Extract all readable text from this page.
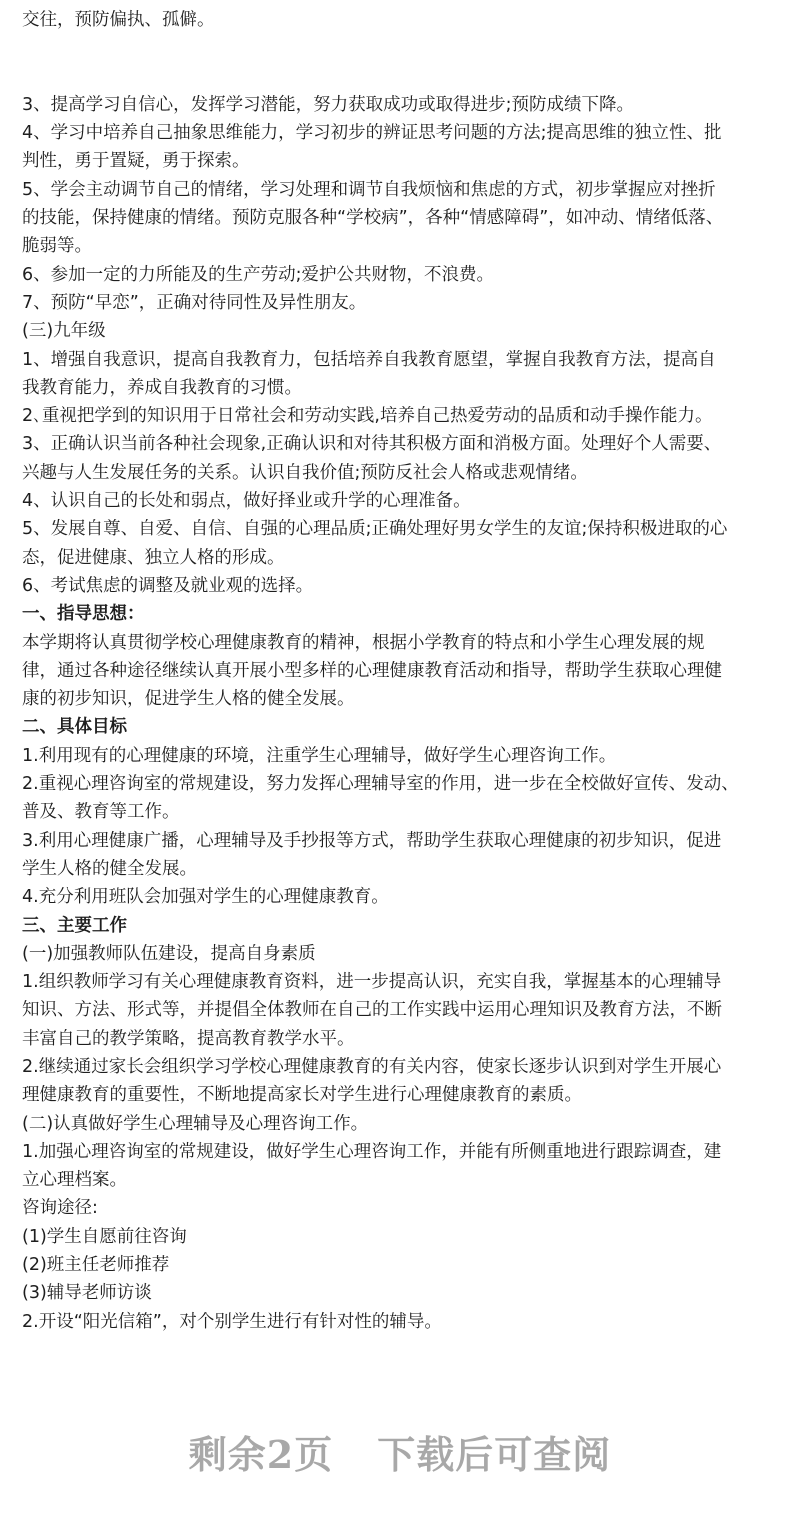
交往，预防偏执、孤僻。
3、提高学习自信心，发挥学习潜能，努力获取成功或取得进步;预防成绩下降。
4、学习中培养自己抽象思维能力，学习初步的辨证思考问题的方法;提高思维的独立性、批
判性，勇于置疑，勇于探索。
5、学会主动调节自己的情绪，学习处理和调节自我烦恼和焦虑的方式，初步掌握应对挫折
的技能，保持健康的情绪。预防克服各种“学校病”，各种“情感障碍”，如冲动、情绪低落、
脆弱等。
6、参加一定的力所能及的生产劳动;爱护公共财物，不浪费。
7、预防“早恋”，正确对待同性及异性朋友。
(三)九年级
1、增强自我意识，提高自我教育力，包括培养自我教育愿望，掌握自我教育方法，提高自
我教育能力，养成自我教育的习惯。
2､重视把学到的知识用于日常社会和劳动实践,培养自己热爱劳动的品质和动手操作能力。
3、正确认识当前各种社会现象,正确认识和对待其积极方面和消极方面。处理好个人需要、
兴趣与人生发展任务的关系。认识自我价值;预防反社会人格或悲观情绪。
4、认识自己的长处和弱点，做好择业或升学的心理准备。
5、发展自尊、自爱、自信、自强的心理品质;正确处理好男女学生的友谊;保持积极进取的心
态，促进健康、独立人格的形成。
6、考试焦虑的调整及就业观的选择。
一、指导思想：
本学期将认真贯彻学校心理健康教育的精神，根据小学教育的特点和小学生心理发展的规
律，通过各种途径继续认真开展小型多样的心理健康教育活动和指导，帮助学生获取心理健
康的初步知识，促进学生人格的健全发展。
二、具体目标
1.利用现有的心理健康的环境，注重学生心理辅导，做好学生心理咨询工作。
2.重视心理咨询室的常规建设，努力发挥心理辅导室的作用，进一步在全校做好宣传、发动、
普及、教育等工作。
3.利用心理健康广播，心理辅导及手抄报等方式，帮助学生获取心理健康的初步知识，促进
学生人格的健全发展。
4.充分利用班队会加强对学生的心理健康教育。
三、主要工作
(一)加强教师队伍建设，提高自身素质
1.组织教师学习有关心理健康教育资料，进一步提高认识，充实自我，掌握基本的心理辅导
知识、方法、形式等，并提倡全体教师在自己的工作实践中运用心理知识及教育方法，不断
丰富自己的教学策略，提高教育教学水平。
2.继续通过家长会组织学习学校心理健康教育的有关内容，使家长逐步认识到对学生开展心
理健康教育的重要性，不断地提高家长对学生进行心理健康教育的素质。
(二)认真做好学生心理辅导及心理咨询工作。
1.加强心理咨询室的常规建设，做好学生心理咨询工作，并能有所侧重地进行跟踪调查，建
立心理档案。
咨询途径:
(1)学生自愿前往咨询
(2)班主任老师推荐
(3)辅导老师访谈
2.开设“阳光信箱”，对个别学生进行有针对性的辅导。
剩余2页 下载后可查阅
